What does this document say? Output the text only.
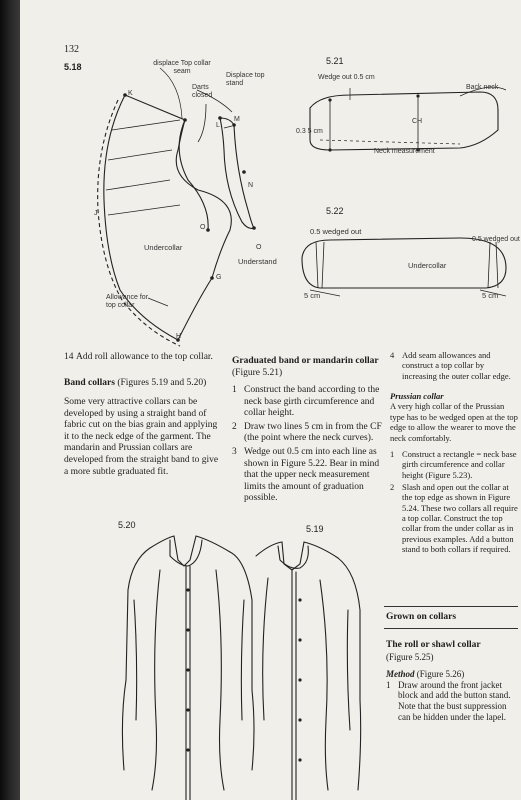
132
5.18	displace Top collar seam
Darts closed
Displace top stand
Undercollar
Understand
Allowance for top collar
K
L
M
N
O
O
G
H
J
5.21
Wedge out 0.5 cm
Back neck
0.3 5 cm
CH
Neck measurement
5.22
0.5 wedged out
0.5 wedged out
Undercollar
5 cm	5 cm
14 Add roll allowance to the top collar.
Band collars (Figures 5.19 and 5.20)
Some very attractive collars can be developed by using a straight band of fabric cut on the bias grain and applying it to the neck edge of the garment. The mandarin and Prussian collars are developed from the straight band to give a more subtle graduated fit.
Graduated band or mandarin collar (Figure 5.21)
1 Construct the band according to the neck base girth circumference and collar height.
2 Draw two lines 5 cm in from the CF (the point where the neck curves).
3 Wedge out 0.5 cm into each line as shown in Figure 5.22. Bear in mind that the upper neck measurement limits the amount of graduation possible.
4 Add seam allowances and construct a top collar by increasing the outer collar edge.
Prussian collar
A very high collar of the Prussian type has to be wedged open at the top edge to allow the wearer to move the neck comfortably.
1 Construct a rectangle = neck base girth circumference and collar height (Figure 5.23).
2 Slash and open out the collar at the top edge as shown in Figure 5.24. These two collars all require a top collar. Construct the top collar from the under collar as in previous examples. Add a button stand to both collars if required.
Grown on collars
The roll or shawl collar
(Figure 5.25)
Method (Figure 5.26)
1 Draw around the front jacket block and add the button stand. Note that the bust suppression can be hidden under the lapel.
5.20	5.19
